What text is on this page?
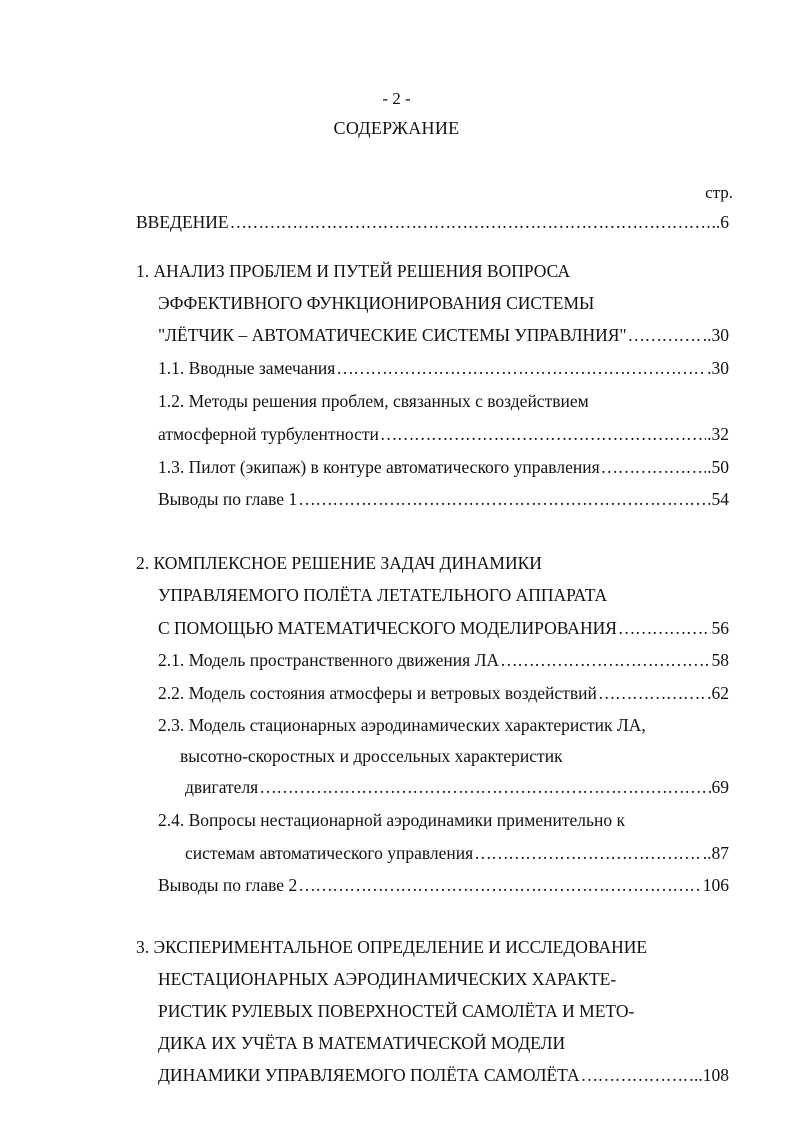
- 2 -
СОДЕРЖАНИЕ
стр.
ВВЕДЕНИЕ ………………………………………………………………………………………………………………………………………………………	..6
1. АНАЛИЗ ПРОБЛЕМ И ПУТЕЙ РЕШЕНИЯ ВОПРОСА
ЭФФЕКТИВНОГО ФУНКЦИОНИРОВАНИЯ СИСТЕМЫ
"ЛЁТЧИК – АВТОМАТИЧЕСКИЕ СИСТЕМЫ УПРАВЛНИЯ" ………………………………………………………………………………………………………………………………………………………	..30
1.1. Вводные замечания ………………………………………………………………………………………………………………………………………………………	.30
1.2. Методы решения проблем, связанных с воздействием
атмосферной турбулентности ………………………………………………………………………………………………………………………………………………………	.32
1.3. Пилот (экипаж) в контуре автоматического управления ………………………………………………………………………………………………………………………………………………………	.50
Выводы по главе 1 ………………………………………………………………………………………………………………………………………………………	.54
2. КОМПЛЕКСНОЕ РЕШЕНИЕ ЗАДАЧ ДИНАМИКИ
УПРАВЛЯЕМОГО ПОЛЁТА ЛЕТАТЕЛЬНОГО АППАРАТА
С ПОМОЩЬЮ МАТЕМАТИЧЕСКОГО МОДЕЛИРОВАНИЯ ………………………………………………………………………………………………………………………………………………………	56
2.1. Модель пространственного движения ЛА ………………………………………………………………………………………………………………………………………………………	58
2.2. Модель состояния атмосферы и ветровых воздействий ………………………………………………………………………………………………………………………………………………………	.62
2.3. Модель стационарных аэродинамических характеристик ЛА,
высотно-скоростных и дроссельных характеристик
двигателя ………………………………………………………………………………………………………………………………………………………	69
2.4. Вопросы нестационарной аэродинамики применительно к
системам автоматического управления ………………………………………………………………………………………………………………………………………………………	..87
Выводы по главе 2 ………………………………………………………………………………………………………………………………………………………	106
3. ЭКСПЕРИМЕНТАЛЬНОЕ ОПРЕДЕЛЕНИЕ И ИССЛЕДОВАНИЕ
НЕСТАЦИОНАРНЫХ АЭРОДИНАМИЧЕСКИХ ХАРАКТЕ-
РИСТИК РУЛЕВЫХ ПОВЕРХНОСТЕЙ САМОЛЁТА И МЕТО-
ДИКА ИХ УЧЁТА В МАТЕМАТИЧЕСКОЙ МОДЕЛИ
ДИНАМИКИ УПРАВЛЯЕМОГО ПОЛЁТА САМОЛЁТА ………………………………………………………………………………………………………………………………………………………	..108
